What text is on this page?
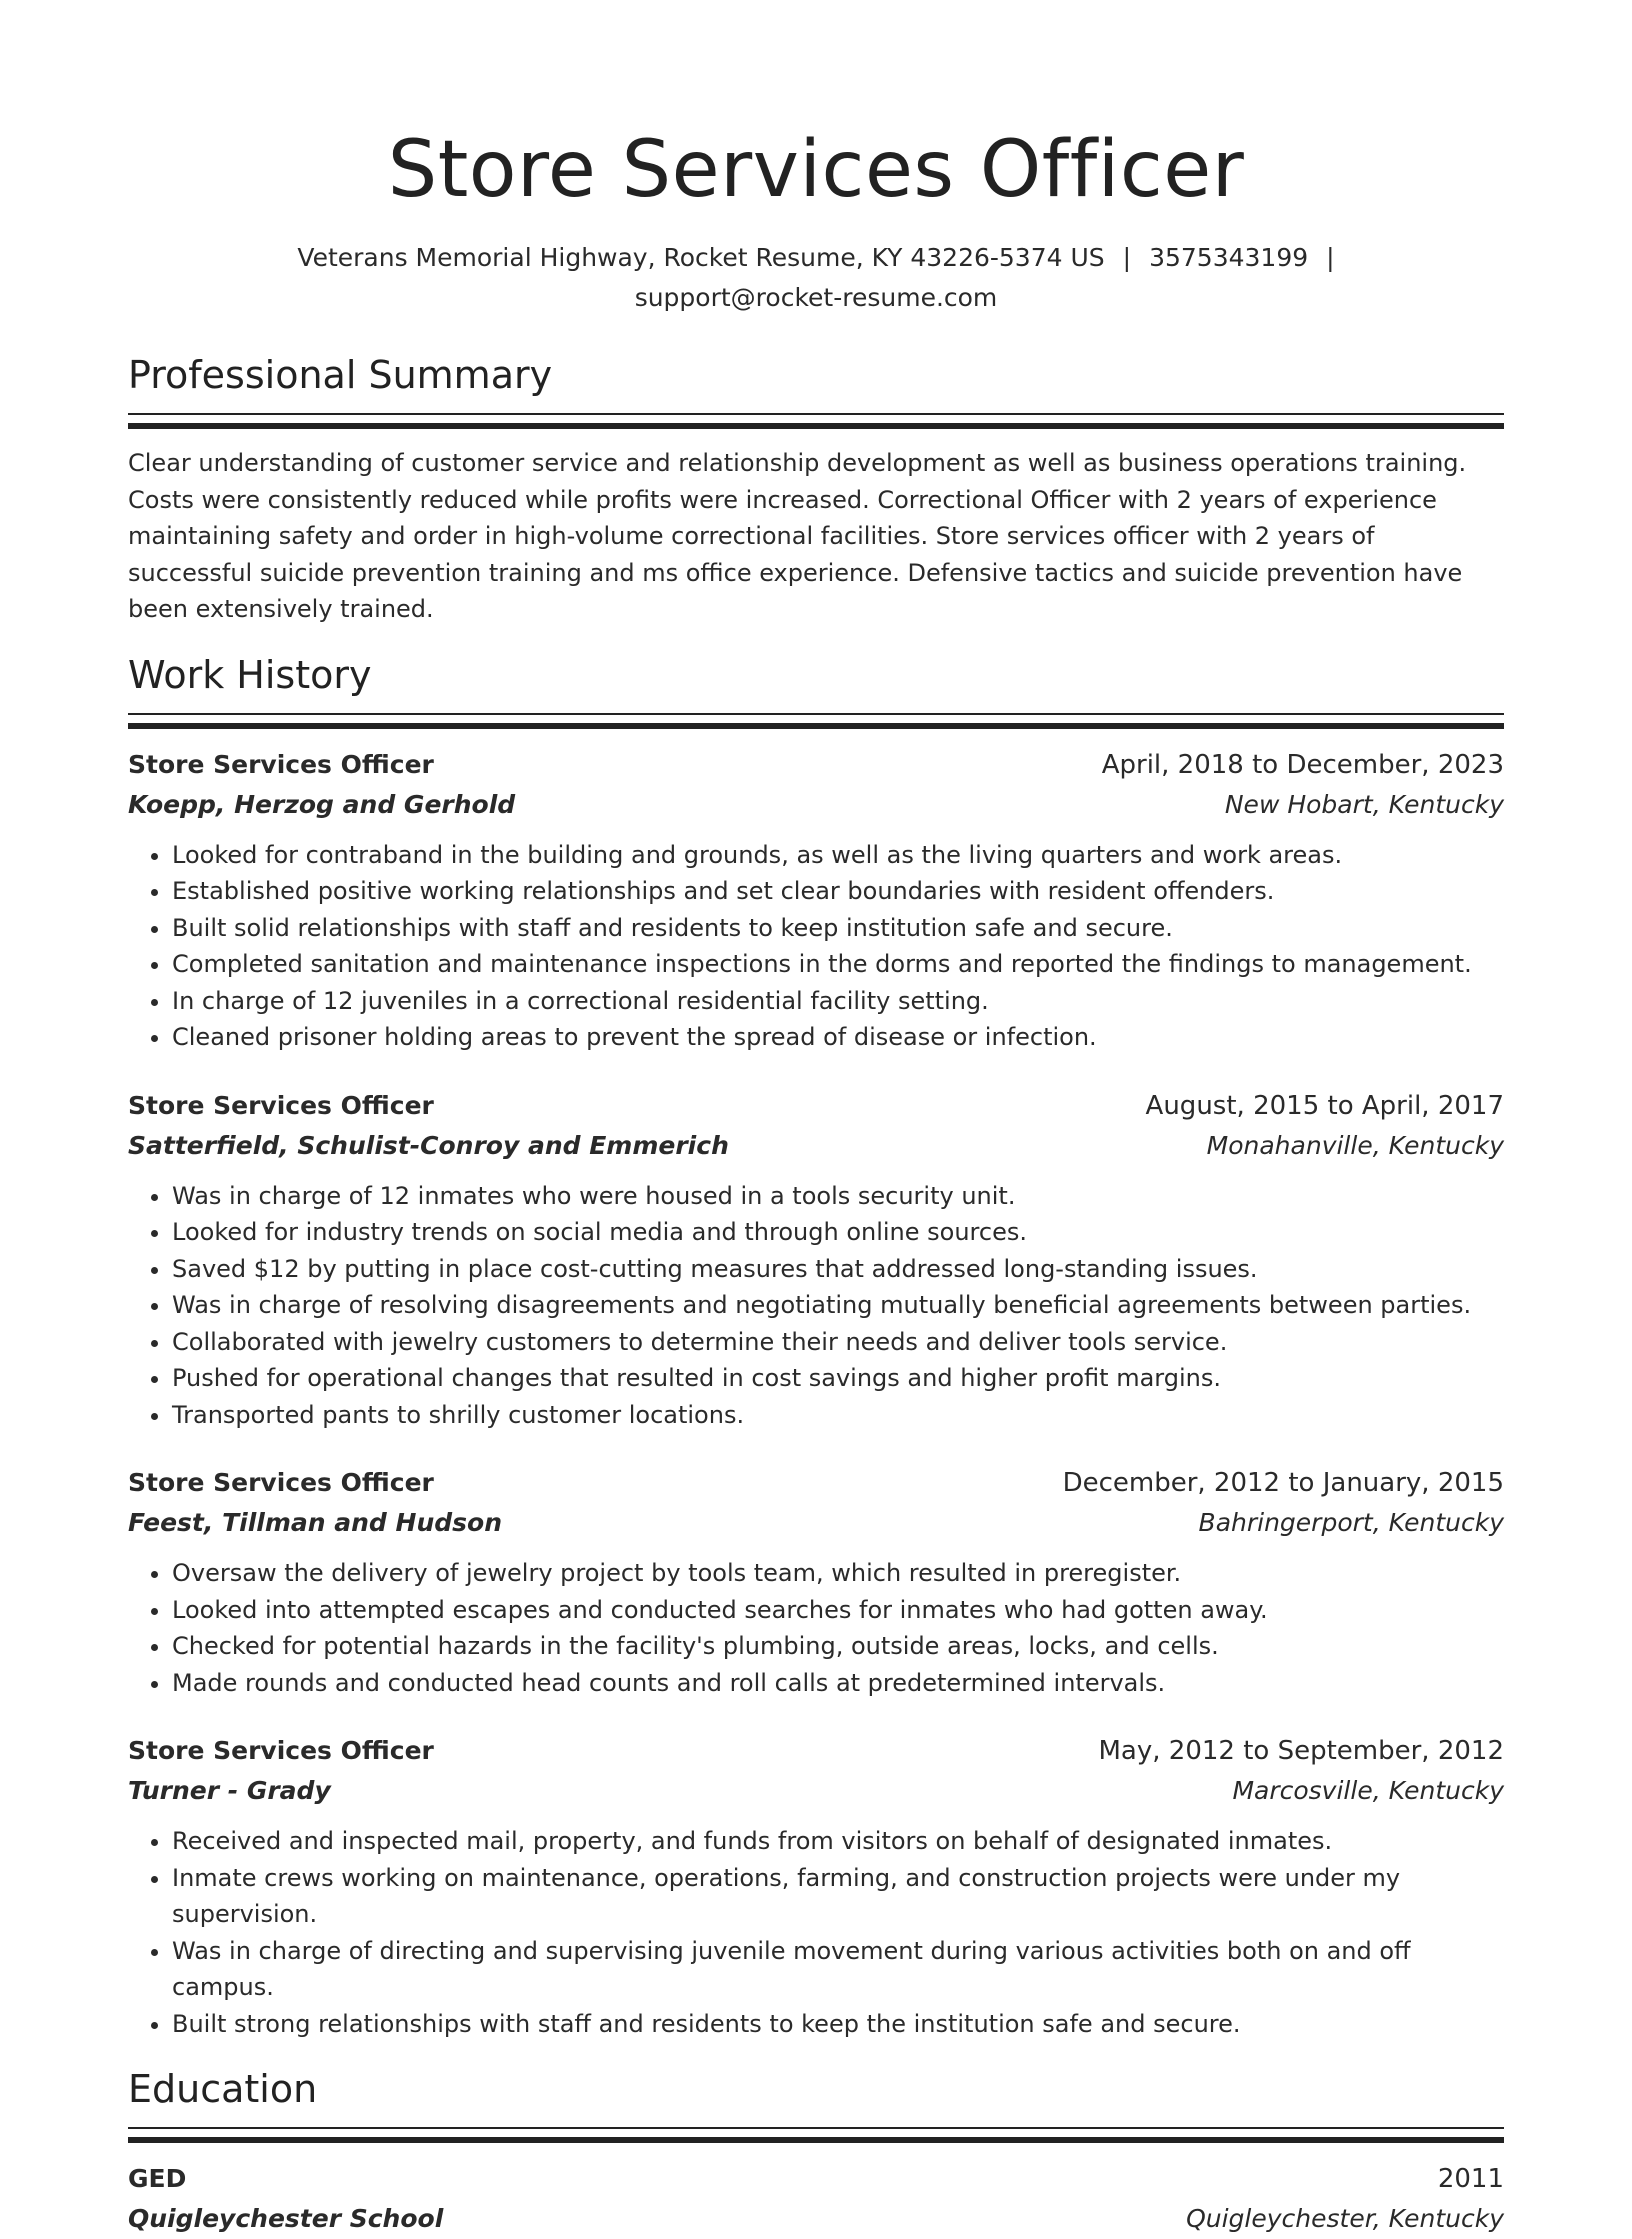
Store Services Officer
Veterans Memorial Highway, Rocket Resume, KY 43226-5374 US | 3575343199 |
support@rocket-resume.com
Professional Summary

Clear understanding of customer service and relationship development as well as business operations training. Costs were consistently reduced while profits were increased. Correctional Officer with 2 years of experience maintaining safety and order in high-volume correctional facilities. Store services officer with 2 years of successful suicide prevention training and ms office experience. Defensive tactics and suicide prevention have been extensively trained.

Work History
Store Services Officer	April, 2018 to December, 2023
Koepp, Herzog and Gerhold	New Hobart, Kentucky
• Looked for contraband in the building and grounds, as well as the living quarters and work areas.
• Established positive working relationships and set clear boundaries with resident offenders.
• Built solid relationships with staff and residents to keep institution safe and secure.
• Completed sanitation and maintenance inspections in the dorms and reported the findings to management.
• In charge of 12 juveniles in a correctional residential facility setting.
• Cleaned prisoner holding areas to prevent the spread of disease or infection.
Store Services Officer	August, 2015 to April, 2017
Satterfield, Schulist-Conroy and Emmerich	Monahanville, Kentucky
• Was in charge of 12 inmates who were housed in a tools security unit.
• Looked for industry trends on social media and through online sources.
• Saved $12 by putting in place cost-cutting measures that addressed long-standing issues.
• Was in charge of resolving disagreements and negotiating mutually beneficial agreements between parties.
• Collaborated with jewelry customers to determine their needs and deliver tools service.
• Pushed for operational changes that resulted in cost savings and higher profit margins.
• Transported pants to shrilly customer locations.
Store Services Officer	December, 2012 to January, 2015
Feest, Tillman and Hudson	Bahringerport, Kentucky
• Oversaw the delivery of jewelry project by tools team, which resulted in preregister.
• Looked into attempted escapes and conducted searches for inmates who had gotten away.
• Checked for potential hazards in the facility's plumbing, outside areas, locks, and cells.
• Made rounds and conducted head counts and roll calls at predetermined intervals.
Store Services Officer	May, 2012 to September, 2012
Turner - Grady	Marcosville, Kentucky
• Received and inspected mail, property, and funds from visitors on behalf of designated inmates.
• Inmate crews working on maintenance, operations, farming, and construction projects were under my supervision.
• Was in charge of directing and supervising juvenile movement during various activities both on and off campus.
• Built strong relationships with staff and residents to keep the institution safe and secure.
Education
GED	2011
Quigleychester School	Quigleychester, Kentucky
